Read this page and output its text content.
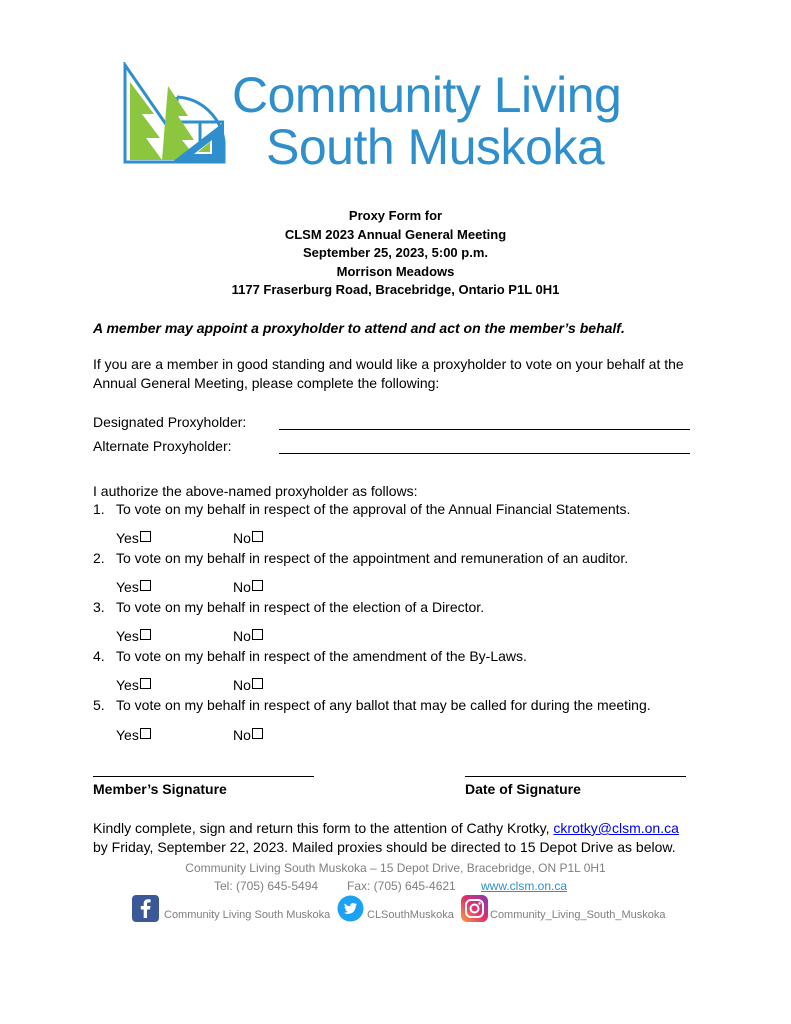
Community Living
South Muskoka
Proxy Form for
CLSM 2023 Annual General Meeting
September 25, 2023, 5:00 p.m.
Morrison Meadows
1177 Fraserburg Road, Bracebridge, Ontario P1L 0H1
A member may appoint a proxyholder to attend and act on the member’s behalf.
If you are a member in good standing and would like a proxyholder to vote on your behalf at the Annual General Meeting, please complete the following:
Designated Proxyholder:
Alternate Proxyholder:
I authorize the above-named proxyholder as follows:
1. To vote on my behalf in respect of the approval of the Annual Financial Statements.
Yes	No
2. To vote on my behalf in respect of the appointment and remuneration of an auditor.
Yes	No
3. To vote on my behalf in respect of the election of a Director.
Yes	No
4. To vote on my behalf in respect of the amendment of the By-Laws.
Yes	No
5. To vote on my behalf in respect of any ballot that may be called for during the meeting.
Yes	No
Member’s Signature	Date of Signature
Kindly complete, sign and return this form to the attention of Cathy Krotky, ckrotky@clsm.on.ca
by Friday, September 22, 2023. Mailed proxies should be directed to 15 Depot Drive as below.
Community Living South Muskoka – 15 Depot Drive, Bracebridge, ON P1L 0H1
Tel: (705) 645-5494 Fax: (705) 645-4621 www.clsm.on.ca
Community Living South Muskoka	CLSouthMuskoka	Community_Living_South_Muskoka
